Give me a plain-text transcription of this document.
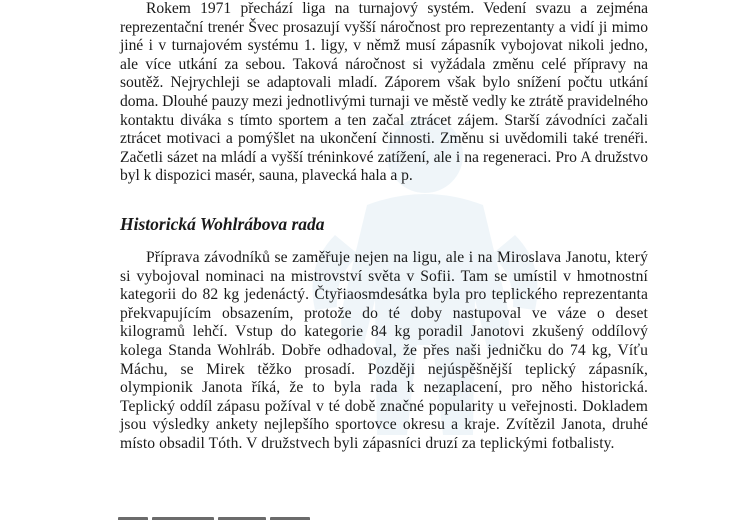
Rokem 1971 přechází liga na turnajový systém. Vedení svazu a zejména reprezentační trenér Švec prosazují vyšší náročnost pro reprezentanty a vidí ji mimo jiné i v turnajovém systému 1. ligy, v němž musí zápasník vybojovat nikoli jedno, ale více utkání za sebou. Taková náročnost si vyžádala změnu celé přípravy na soutěž. Nejrychleji se adaptovali mladí. Záporem však bylo snížení počtu utkání doma. Dlouhé pauzy mezi jednotlivými turnaji ve městě vedly ke ztrátě pravidelného kontaktu diváka s tímto sportem a ten začal ztrácet zájem. Starší závodníci začali ztrácet motivaci a pomýšlet na ukončení činnosti. Změnu si uvědomili také trenéři. Začetli sázet na mládí a vyšší tréninkové zatížení, ale i na regeneraci. Pro A družstvo byl k dispozici masér, sauna, plavecká hala a p.

Historická Wohlrábova rada

Příprava závodníků se zaměřuje nejen na ligu, ale i na Miroslava Janotu, který si vybojoval nominaci na mistrovství světa v Sofii. Tam se umístil v hmotnostní kategorii do 82 kg jedenáctý. Čtyřiaosmdesátka byla pro teplického reprezentanta překvapujícím obsazením, protože do té doby nastupoval ve váze o deset kilogramů lehčí. Vstup do kategorie 84 kg poradil Janotovi zkušený oddílový kolega Standa Wohlráb. Dobře odhadoval, že přes naši jedničku do 74 kg, Víťu Máchu, se Mirek těžko prosadí. Později nejúspěšnější teplický zápasník, olympionik Janota říká, že to byla rada k nezaplacení, pro něho historická. Teplický oddíl zápasu požíval v té době značné popularity u veřejnosti. Dokladem jsou výsledky ankety nejlepšího sportovce okresu a kraje. Zvítězil Janota, druhé místo obsadil Tóth. V družstvech byli zápasníci druzí za teplickými fotbalisty.
